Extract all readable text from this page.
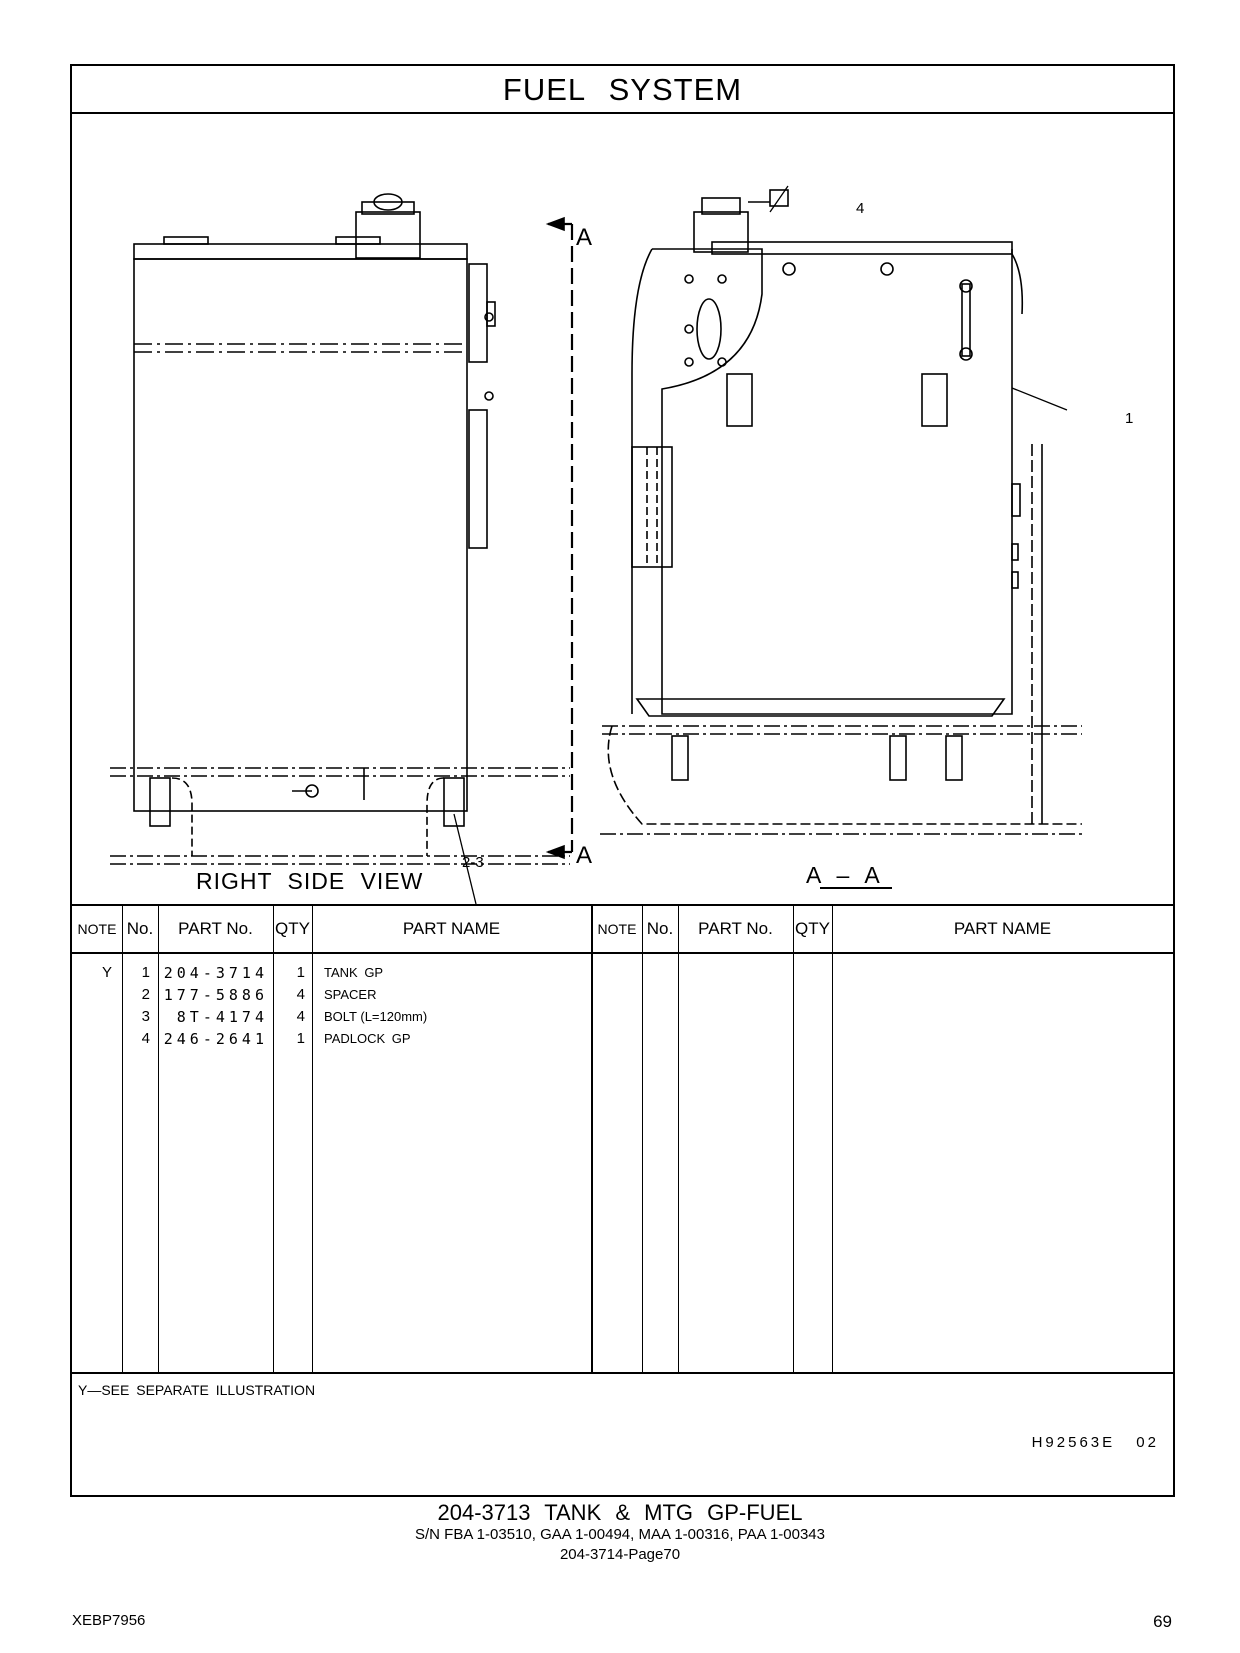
FUEL SYSTEM
4
1
2-3
A
A
RIGHT SIDE VIEW	A – A
NOTE No.	PART No.	QTY	PART NAME	NOTE No.	PART No.	QTY	PART NAME
Y	1 204-3714	1 TANK GP
2 177-5886	4 SPACER
3	8T-4174	4 BOLT (L=120mm)
4 246-2641	1 PADLOCK GP
Y—SEE SEPARATE ILLUSTRATION
H92563E 02
204-3713 TANK & MTG GP-FUEL
S/N FBA 1-03510, GAA 1-00494, MAA 1-00316, PAA 1-00343
204-3714-Page70
XEBP7956	69
